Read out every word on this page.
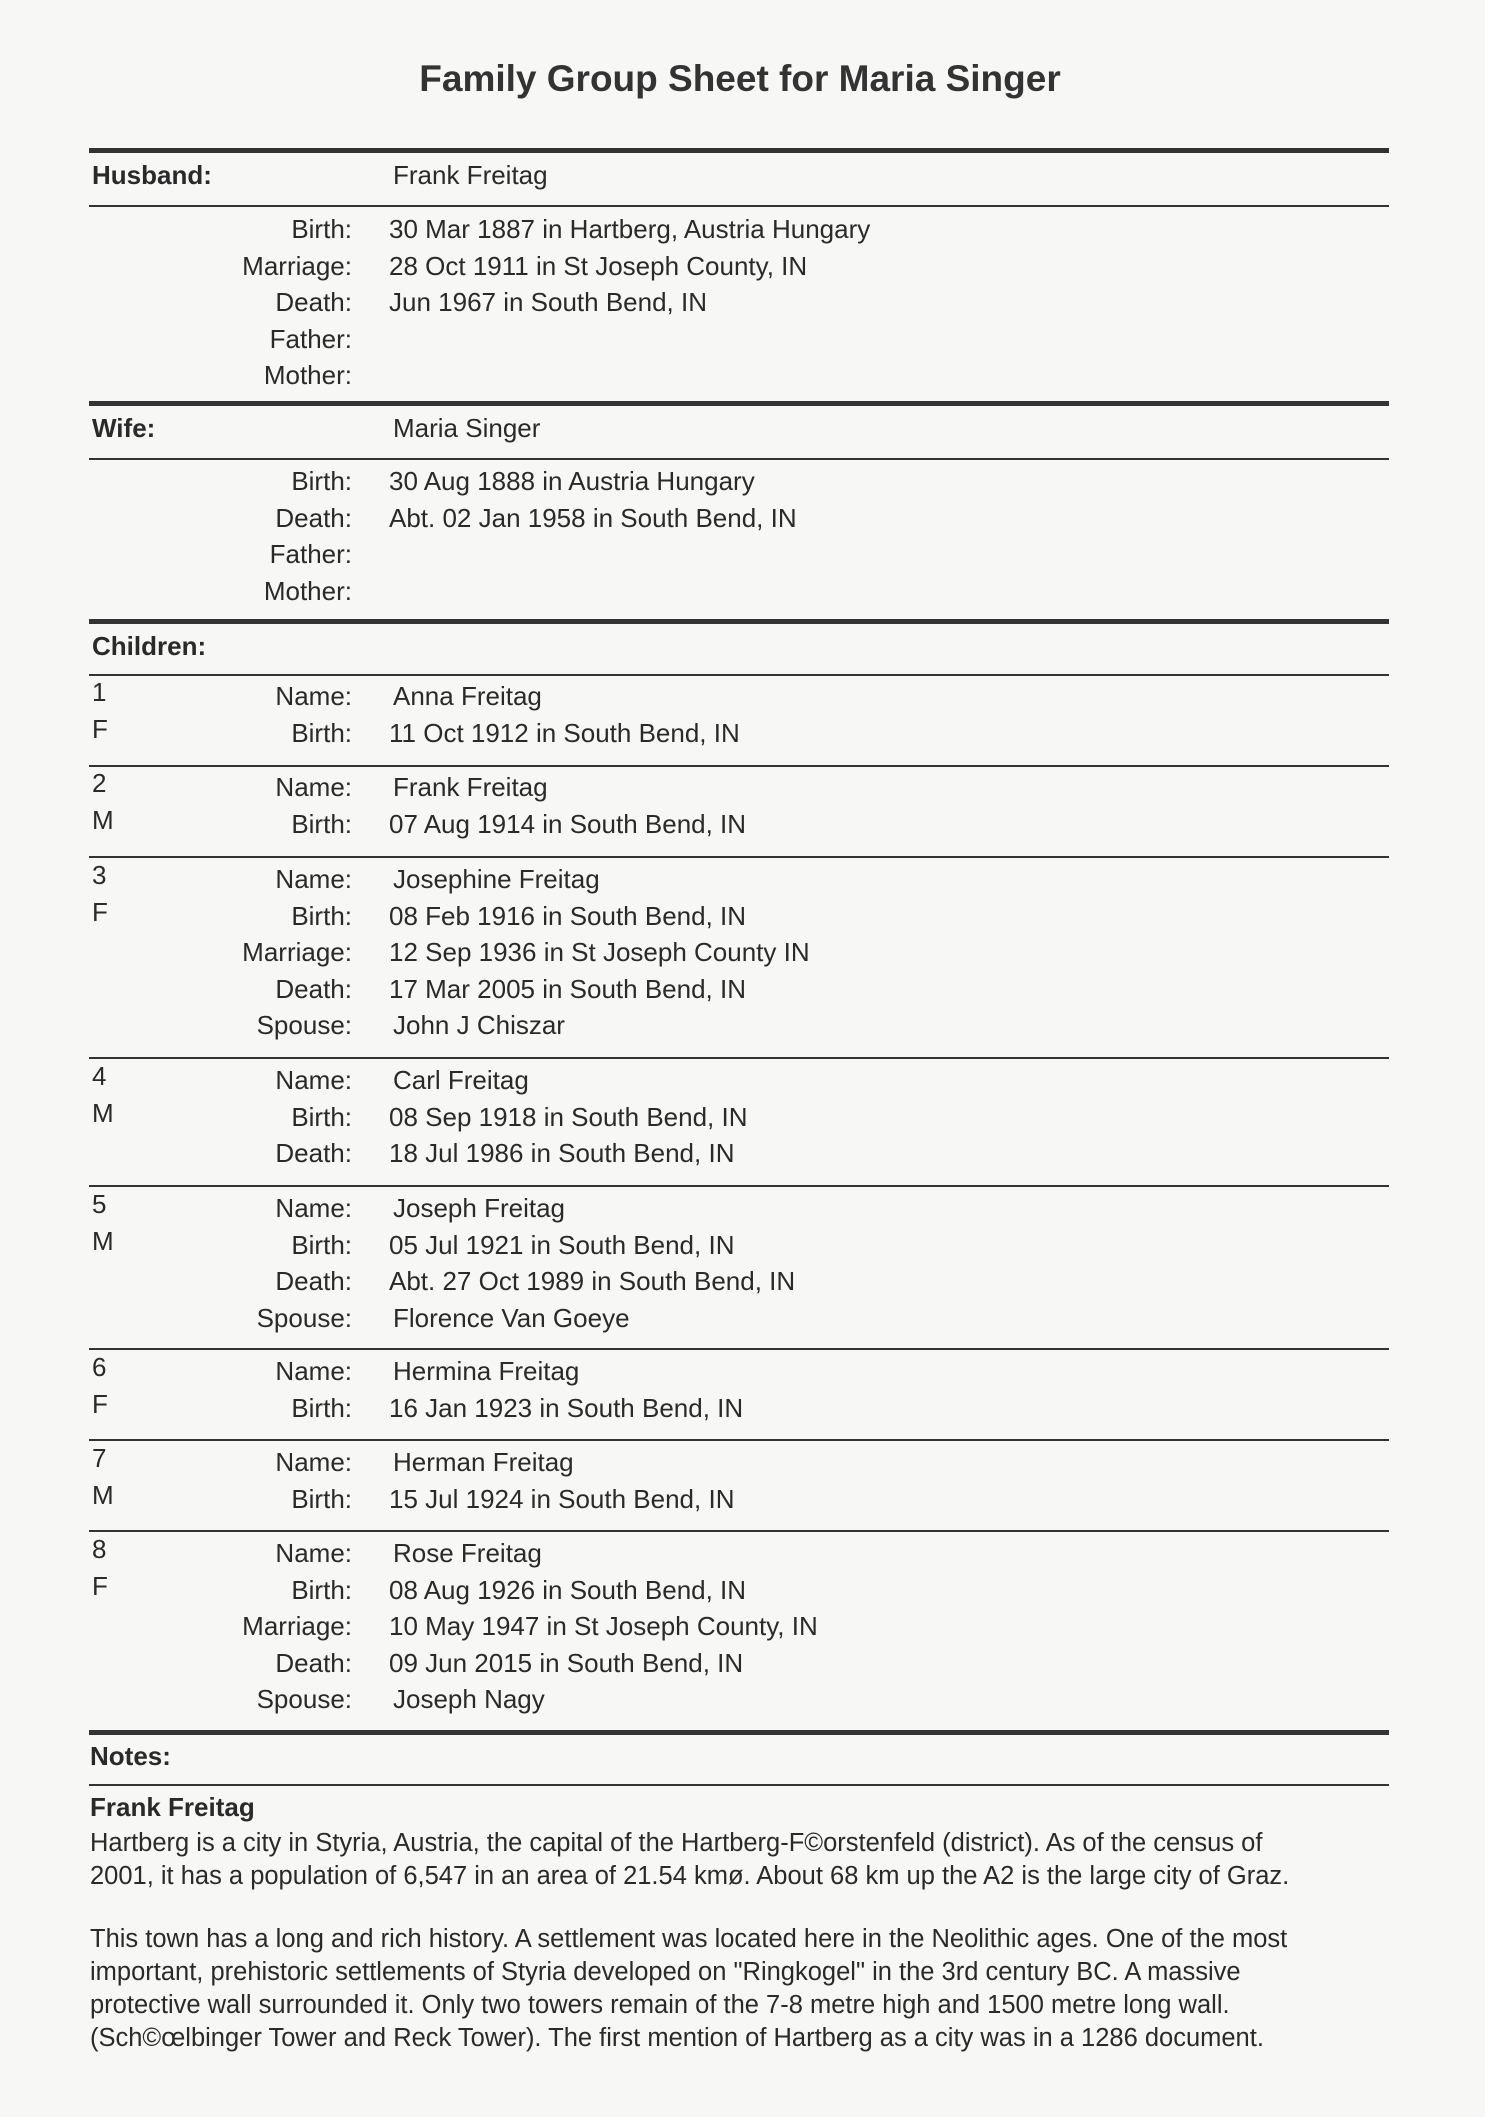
Family Group Sheet for Maria Singer
Husband:	Frank Freitag
Birth: 30 Mar 1887 in Hartberg, Austria Hungary
Marriage: 28 Oct 1911 in St Joseph County, IN
Death: Jun 1967 in South Bend, IN
Father:
Mother:
Wife:	Maria Singer
Birth: 30 Aug 1888 in Austria Hungary
Death: Abt. 02 Jan 1958 in South Bend, IN
Father:
Mother:
Children:
1
F
Name: Anna Freitag
Birth: 11 Oct 1912 in South Bend, IN
2
M
Name: Frank Freitag
Birth: 07 Aug 1914 in South Bend, IN
3
F
Name: Josephine Freitag
Birth: 08 Feb 1916 in South Bend, IN
Marriage: 12 Sep 1936 in St Joseph County IN
Death: 17 Mar 2005 in South Bend, IN
Spouse: John J Chiszar
4
M
Name: Carl Freitag
Birth: 08 Sep 1918 in South Bend, IN
Death: 18 Jul 1986 in South Bend, IN
5
M
Name: Joseph Freitag
Birth: 05 Jul 1921 in South Bend, IN
Death: Abt. 27 Oct 1989 in South Bend, IN
Spouse: Florence Van Goeye
6
F
Name: Hermina Freitag
Birth: 16 Jan 1923 in South Bend, IN
7
M
Name: Herman Freitag
Birth: 15 Jul 1924 in South Bend, IN
8
F
Name: Rose Freitag
Birth: 08 Aug 1926 in South Bend, IN
Marriage: 10 May 1947 in St Joseph County, IN
Death: 09 Jun 2015 in South Bend, IN
Spouse: Joseph Nagy
Notes:
Frank Freitag

Hartberg is a city in Styria, Austria, the capital of the Hartberg-F©orstenfeld (district). As of the census of
2001, it has a population of 6,547 in an area of 21.54 kmø. About 68 km up the A2 is the large city of Graz.

This town has a long and rich history. A settlement was located here in the Neolithic ages. One of the most
important, prehistoric settlements of Styria developed on "Ringkogel" in the 3rd century BC. A massive
protective wall surrounded it. Only two towers remain of the 7-8 metre high and 1500 metre long wall.
(Sch©œlbinger Tower and Reck Tower). The first mention of Hartberg as a city was in a 1286 document.
